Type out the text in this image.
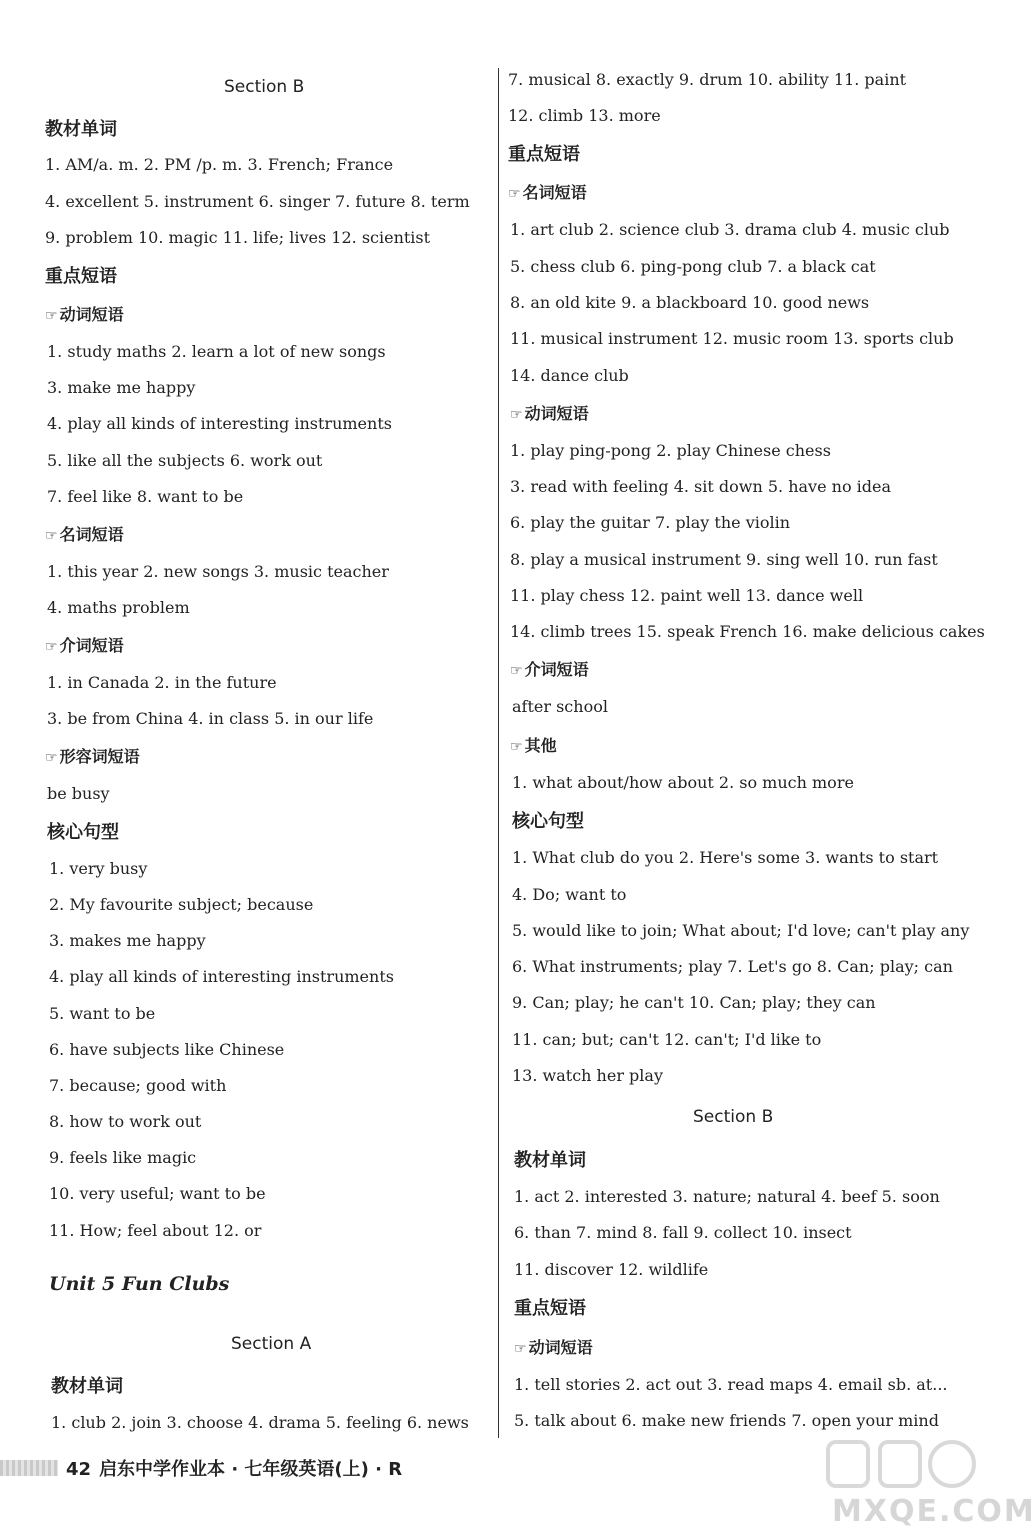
Section B
教材单词
1. AM/a. m. 2. PM /p. m. 3. French; France
4. excellent 5. instrument 6. singer 7. future 8. term
9. problem 10. magic 11. life; lives 12. scientist
重点短语
☞ 动词短语
1. study maths 2. learn a lot of new songs
3. make me happy
4. play all kinds of interesting instruments
5. like all the subjects 6. work out
7. feel like 8. want to be
☞ 名词短语
1. this year 2. new songs 3. music teacher
4. maths problem
☞ 介词短语
1. in Canada 2. in the future
3. be from China 4. in class 5. in our life
☞ 形容词短语
be busy
核心句型
1. very busy
2. My favourite subject; because
3. makes me happy
4. play all kinds of interesting instruments
5. want to be
6. have subjects like Chinese
7. because; good with
8. how to work out
9. feels like magic
10. very useful; want to be
11. How; feel about 12. or
Unit 5 Fun Clubs
Section A
教材单词
1. club 2. join 3. choose 4. drama 5. feeling 6. news
7. musical 8. exactly 9. drum 10. ability 11. paint
12. climb 13. more
重点短语
☞ 名词短语
1. art club 2. science club 3. drama club 4. music club
5. chess club 6. ping-pong club 7. a black cat
8. an old kite 9. a blackboard 10. good news
11. musical instrument 12. music room 13. sports club
14. dance club
☞ 动词短语
1. play ping-pong 2. play Chinese chess
3. read with feeling 4. sit down 5. have no idea
6. play the guitar 7. play the violin
8. play a musical instrument 9. sing well 10. run fast
11. play chess 12. paint well 13. dance well
14. climb trees 15. speak French 16. make delicious cakes
☞ 介词短语
after school
☞ 其他
1. what about/how about 2. so much more
核心句型
1. What club do you 2. Here's some 3. wants to start
4. Do; want to
5. would like to join; What about; I'd love; can't play any
6. What instruments; play 7. Let's go 8. Can; play; can
9. Can; play; he can't 10. Can; play; they can
11. can; but; can't 12. can't; I'd like to
13. watch her play
Section B
教材单词
1. act 2. interested 3. nature; natural 4. beef 5. soon
6. than 7. mind 8. fall 9. collect 10. insect
11. discover 12. wildlife
重点短语
☞ 动词短语
1. tell stories 2. act out 3. read maps 4. email sb. at...
5. talk about 6. make new friends 7. open your mind
42 启东中学作业本 · 七年级英语(上) · R
MXQE.COM
